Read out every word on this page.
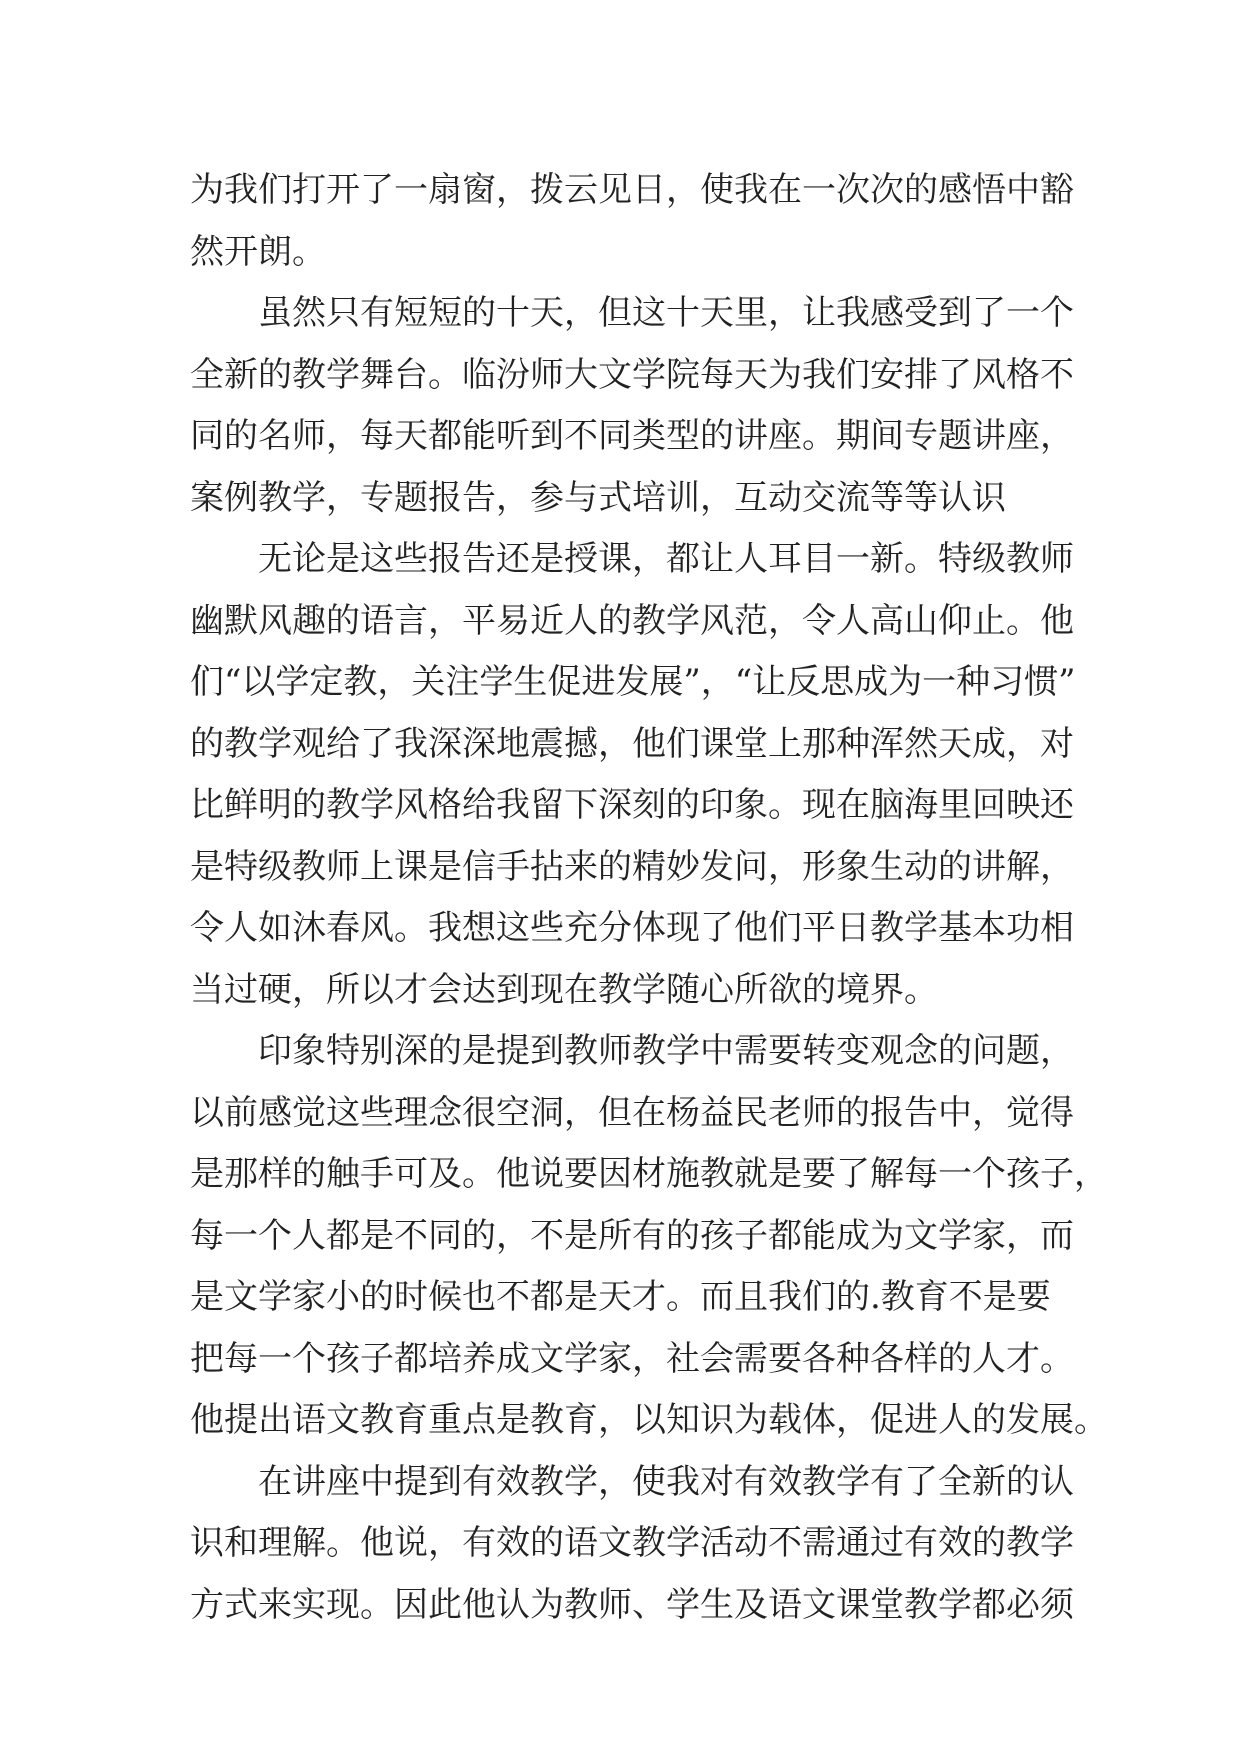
为我们打开了一扇窗，拨云见日，使我在一次次的感悟中豁
然开朗。
虽然只有短短的十天，但这十天里，让我感受到了一个
全新的教学舞台。临汾师大文学院每天为我们安排了风格不
同的名师，每天都能听到不同类型的讲座。期间专题讲座，
案例教学，专题报告，参与式培训，互动交流等等认识
无论是这些报告还是授课，都让人耳目一新。特级教师
幽默风趣的语言，平易近人的教学风范，令人高山仰止。他
们“以学定教，关注学生促进发展”，“让反思成为一种习惯”
的教学观给了我深深地震撼，他们课堂上那种浑然天成，对
比鲜明的教学风格给我留下深刻的印象。现在脑海里回映还
是特级教师上课是信手拈来的精妙发问，形象生动的讲解，
令人如沐春风。我想这些充分体现了他们平日教学基本功相
当过硬，所以才会达到现在教学随心所欲的境界。
印象特别深的是提到教师教学中需要转变观念的问题，
以前感觉这些理念很空洞，但在杨益民老师的报告中，觉得
是那样的触手可及。他说要因材施教就是要了解每一个孩子，
每一个人都是不同的，不是所有的孩子都能成为文学家，而
是文学家小的时候也不都是天才。而且我们的.教育不是要
把每一个孩子都培养成文学家，社会需要各种各样的人才。
他提出语文教育重点是教育，以知识为载体，促进人的发展。
在讲座中提到有效教学，使我对有效教学有了全新的认
识和理解。他说，有效的语文教学活动不需通过有效的教学
方式来实现。因此他认为教师、学生及语文课堂教学都必须
